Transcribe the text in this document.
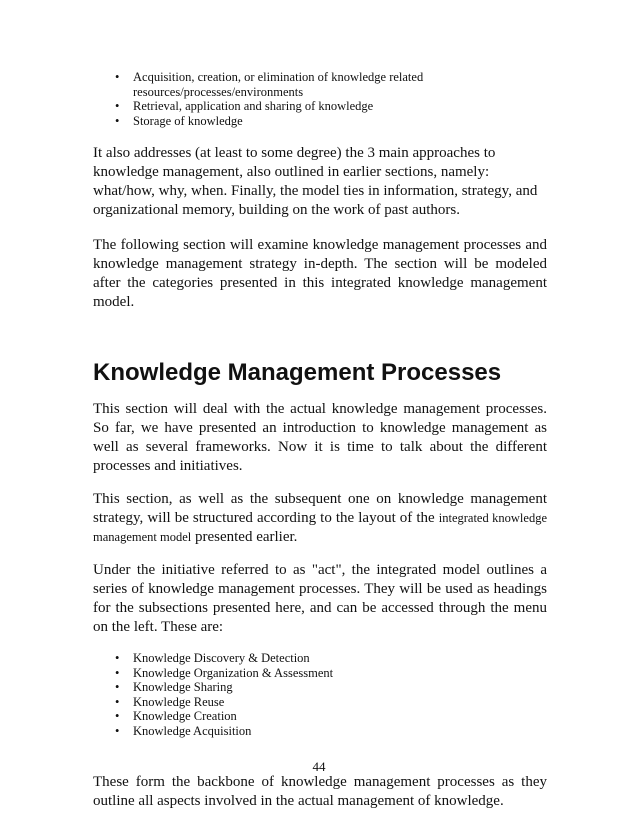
• Acquisition, creation, or elimination of knowledge related
resources/processes/environments
• Retrieval, application and sharing of knowledge
• Storage of knowledge

It also addresses (at least to some degree) the 3 main approaches to knowledge management, also outlined in earlier sections, namely: what/how, why, when. Finally, the model ties in information, strategy, and organizational memory, building on the work of past authors.

The following section will examine knowledge management processes and knowledge management strategy in-depth. The section will be modeled after the categories presented in this integrated knowledge management model.

Knowledge Management Processes

This section will deal with the actual knowledge management processes. So far, we have presented an introduction to knowledge management as well as several frameworks. Now it is time to talk about the different processes and initiatives.

This section, as well as the subsequent one on knowledge management strategy, will be structured according to the layout of the integrated knowledge management model presented earlier.

Under the initiative referred to as "act", the integrated model outlines a series of knowledge management processes. They will be used as headings for the subsections presented here, and can be accessed through the menu on the left. These are:

• Knowledge Discovery & Detection
• Knowledge Organization & Assessment
• Knowledge Sharing
• Knowledge Reuse
• Knowledge Creation
• Knowledge Acquisition

These form the backbone of knowledge management processes as they outline all aspects involved in the actual management of knowledge.

44
